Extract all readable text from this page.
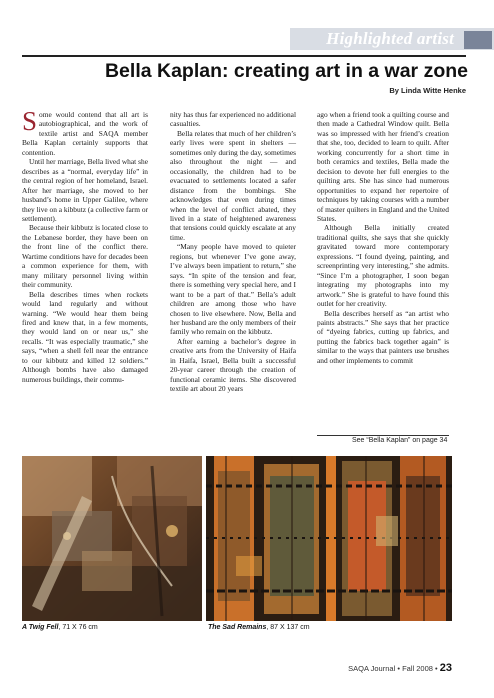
Highlighted artist
Bella Kaplan: creating art in a war zone
By Linda Witte Henke

Some would contend that all art is autobiographical, and the work of textile artist and SAQA member Bella Kaplan certainly supports that contention.

Until her marriage, Bella lived what she describes as a “normal, everyday life” in the central region of her homeland, Israel. After her marriage, she moved to her husband’s home in Upper Galilee, where they live on a kibbutz (a collective farm or settlement).

Because their kibbutz is located close to the Lebanese border, they have been on the front line of the conflict there. Wartime conditions have for decades been a common experience for them, with many military personnel living within their community.

Bella describes times when rockets would land regularly and without warning. “We would hear them being fired and knew that, in a few moments, they would land on or near us,” she recalls. “It was especially traumatic,” she says, “when a shell fell near the entrance to our kibbutz and killed 12 soldiers.” Although bombs have also damaged numerous buildings, their commu-

nity has thus far experienced no additional casualties.

Bella relates that much of her children’s early lives were spent in shelters — sometimes only during the day, sometimes also throughout the night — and occasionally, the children had to be evacuated to settlements located a safer distance from the bombings. She acknowledges that even during times when the level of conflict abated, they lived in a state of heightened awareness that tensions could quickly escalate at any time.

“Many people have moved to quieter regions, but whenever I’ve gone away, I’ve always been impatient to return,” she says. “In spite of the tension and fear, there is something very special here, and I want to be a part of that.” Bella’s adult children are among those who have chosen to live elsewhere. Now, Bella and her husband are the only members of their family who remain on the kibbutz.

After earning a bachelor’s degree in creative arts from the University of Haifa in Haifa, Israel, Bella built a successful 20-year career through the creation of functional ceramic items. She discovered textile art about 20 years

ago when a friend took a quilting course and then made a Cathedral Window quilt. Bella was so impressed with her friend’s creation that she, too, decided to learn to quilt. After working concurrently for a short time in both ceramics and textiles, Bella made the decision to devote her full energies to the quilting arts. She has since had numerous opportunities to expand her repertoire of techniques by taking courses with a number of master quilters in England and the United States.

Although Bella initially created traditional quilts, she says that she quickly gravitated toward more contemporary expressions. “I found dyeing, painting, and screenprinting very interesting,” she admits. “Since I’m a photographer, I soon began integrating my photographs into my artwork.” She is grateful to have found this outlet for her creativity.

Bella describes herself as “an artist who paints abstracts.” She says that her practice of “dyeing fabrics, cutting up fabrics, and putting the fabrics back together again” is similar to the ways that painters use brushes and other implements to commit

See “Bella Kaplan” on page 34
A Twig Fell, 71 X 76 cm	The Sad Remains, 87 X 137 cm
SAQA Journal • Fall 2008 • 23
